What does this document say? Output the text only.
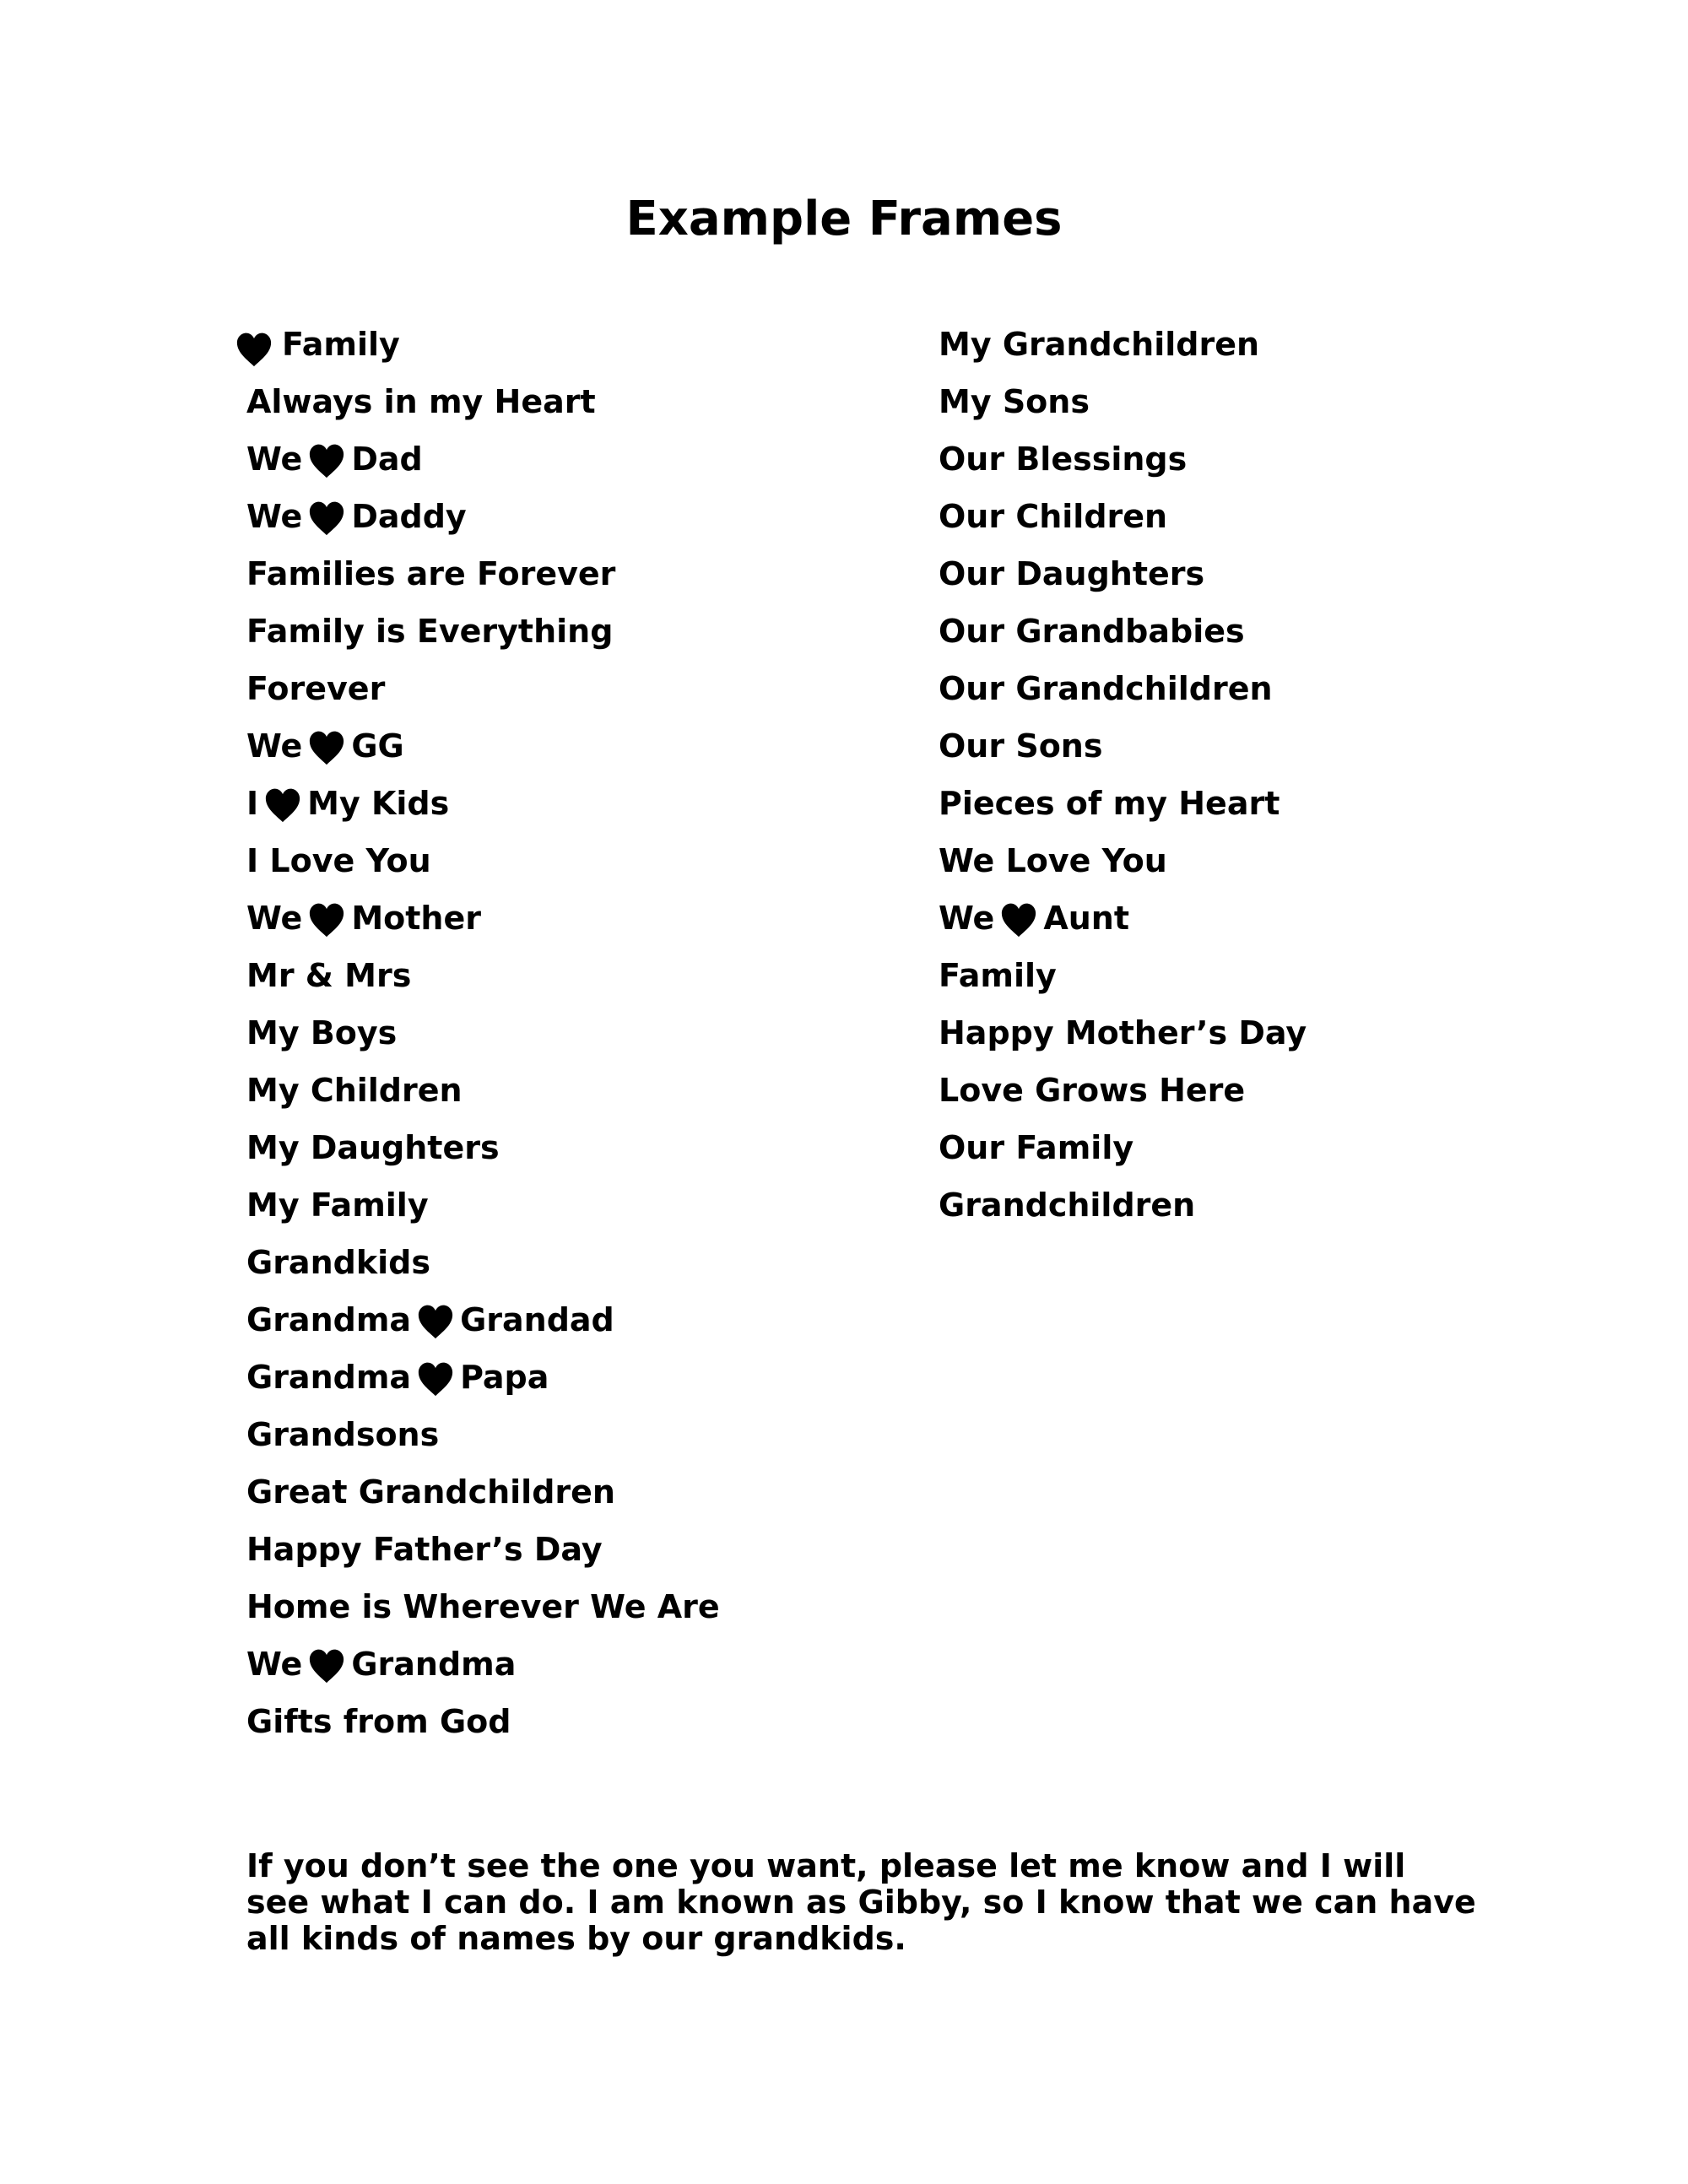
Example Frames
Family
Always in my Heart
We Dad
We Daddy
Families are Forever
Family is Everything
Forever
We GG
I My Kids
I Love You
We Mother
Mr & Mrs
My Boys
My Children
My Daughters
My Family
Grandkids
Grandma Grandad
Grandma Papa
Grandsons
Great Grandchildren
Happy Father’s Day
Home is Wherever We Are
We Grandma
Gifts from God
My Grandchildren
My Sons
Our Blessings
Our Children
Our Daughters
Our Grandbabies
Our Grandchildren
Our Sons
Pieces of my Heart
We Love You
We Aunt
Family
Happy Mother’s Day
Love Grows Here
Our Family
Grandchildren
If you don’t see the one you want, please let me know and I will see what I can do. I am known as Gibby, so I know that we can have all kinds of names by our grandkids.
